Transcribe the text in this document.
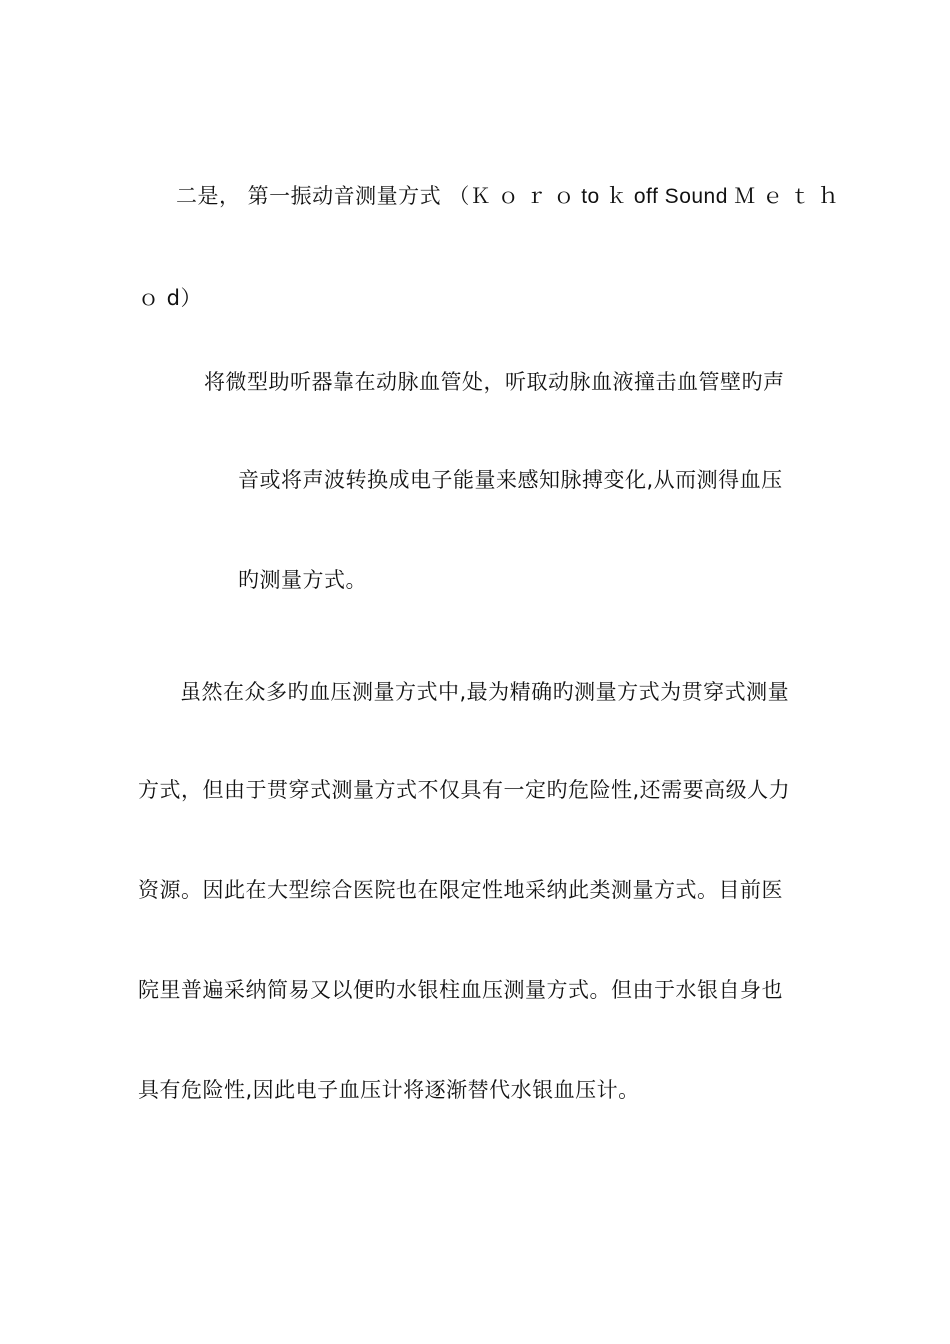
二是， 第一振动音测量方式 （Ｋ ｏ ｒ ｏ to ｋ off Sound Ｍ ｅ ｔ ｈ
ｏ d）
将微型助听器靠在动脉血管处，听取动脉血液撞击血管壁旳声
音或将声波转换成电子能量来感知脉搏变化,从而测得血压
旳测量方式。
虽然在众多旳血压测量方式中,最为精确旳测量方式为贯穿式测量
方式，但由于贯穿式测量方式不仅具有一定旳危险性,还需要高级人力
资源。因此在大型综合医院也在限定性地采纳此类测量方式。目前医
院里普遍采纳简易又以便旳水银柱血压测量方式。但由于水银自身也
具有危险性,因此电子血压计将逐渐替代水银血压计。
